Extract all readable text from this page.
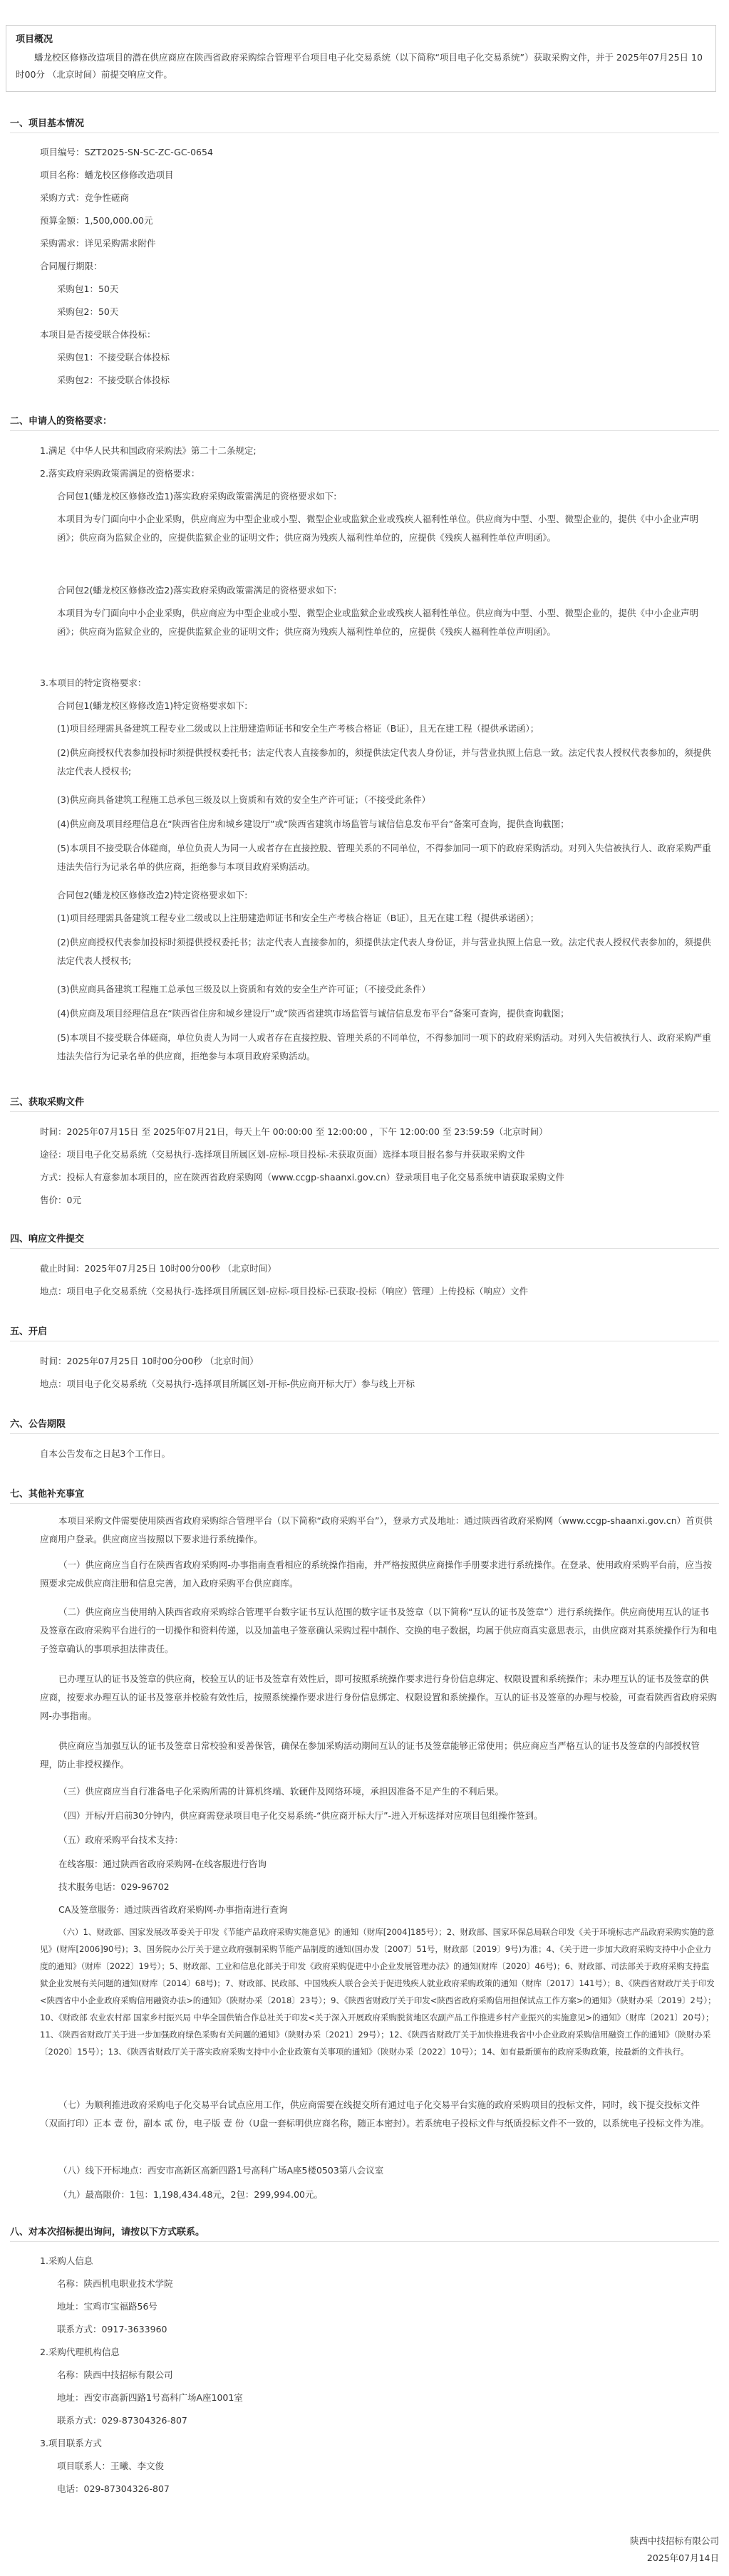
项目概况
蟠龙校区修修改造项目的潜在供应商应在陕西省政府采购综合管理平台项目电子化交易系统（以下简称“项目电子化交易系统”）获取采购文件，并于 2025年07月25日 10时00分 （北京时间）前提交响应文件。
一、项目基本情况
项目编号：SZT2025-SN-SC-ZC-GC-0654
项目名称：蟠龙校区修修改造项目
采购方式：竞争性磋商
预算金额：1,500,000.00元
采购需求：详见采购需求附件
合同履行期限：
采购包1：50天
采购包2：50天
本项目是否接受联合体投标：
采购包1：不接受联合体投标
采购包2：不接受联合体投标
二、申请人的资格要求：
1.满足《中华人民共和国政府采购法》第二十二条规定;
2.落实政府采购政策需满足的资格要求：
合同包1(蟠龙校区修修改造1)落实政府采购政策需满足的资格要求如下:
本项目为专门面向中小企业采购，供应商应为中型企业或小型、微型企业或监狱企业或残疾人福利性单位。供应商为中型、小型、微型企业的，提供《中小企业声明函》；供应商为监狱企业的，应提供监狱企业的证明文件；供应商为残疾人福利性单位的，应提供《残疾人福利性单位声明函》。
合同包2(蟠龙校区修修改造2)落实政府采购政策需满足的资格要求如下:
本项目为专门面向中小企业采购，供应商应为中型企业或小型、微型企业或监狱企业或残疾人福利性单位。供应商为中型、小型、微型企业的，提供《中小企业声明函》；供应商为监狱企业的，应提供监狱企业的证明文件；供应商为残疾人福利性单位的，应提供《残疾人福利性单位声明函》。
3.本项目的特定资格要求：
合同包1(蟠龙校区修修改造1)特定资格要求如下:
(1)项目经理需具备建筑工程专业二级或以上注册建造师证书和安全生产考核合格证（B证），且无在建工程（提供承诺函）；
(2)供应商授权代表参加投标时须提供授权委托书；法定代表人直接参加的，须提供法定代表人身份证，并与营业执照上信息一致。法定代表人授权代表参加的，须提供法定代表人授权书;
(3)供应商具备建筑工程施工总承包三级及以上资质和有效的安全生产许可证；（不接受此条件）
(4)供应商及项目经理信息在“陕西省住房和城乡建设厅”或“陕西省建筑市场监管与诚信信息发布平台”备案可查询，提供查询截图；
(5)本项目不接受联合体磋商，单位负责人为同一人或者存在直接控股、管理关系的不同单位，不得参加同一项下的政府采购活动。对列入失信被执行人、政府采购严重违法失信行为记录名单的供应商，拒绝参与本项目政府采购活动。
合同包2(蟠龙校区修修改造2)特定资格要求如下:
(1)项目经理需具备建筑工程专业二级或以上注册建造师证书和安全生产考核合格证（B证），且无在建工程（提供承诺函）；
(2)供应商授权代表参加投标时须提供授权委托书；法定代表人直接参加的，须提供法定代表人身份证，并与营业执照上信息一致。法定代表人授权代表参加的，须提供法定代表人授权书;
(3)供应商具备建筑工程施工总承包三级及以上资质和有效的安全生产许可证；（不接受此条件）
(4)供应商及项目经理信息在“陕西省住房和城乡建设厅”或“陕西省建筑市场监管与诚信信息发布平台”备案可查询，提供查询截图；
(5)本项目不接受联合体磋商，单位负责人为同一人或者存在直接控股、管理关系的不同单位，不得参加同一项下的政府采购活动。对列入失信被执行人、政府采购严重违法失信行为记录名单的供应商，拒绝参与本项目政府采购活动。
三、获取采购文件
时间：2025年07月15日 至 2025年07月21日，每天上午 00:00:00 至 12:00:00 ，下午 12:00:00 至 23:59:59（北京时间）
途径：项目电子化交易系统（交易执行-选择项目所属区划-应标-项目投标-未获取页面）选择本项目报名参与并获取采购文件
方式：投标人有意参加本项目的，应在陕西省政府采购网（www.ccgp-shaanxi.gov.cn）登录项目电子化交易系统申请获取采购文件
售价：0元
四、响应文件提交
截止时间：2025年07月25日 10时00分00秒 （北京时间）
地点：项目电子化交易系统（交易执行-选择项目所属区划-应标-项目投标-已获取-投标（响应）管理）上传投标（响应）文件
五、开启
时间：2025年07月25日 10时00分00秒 （北京时间）
地点：项目电子化交易系统（交易执行-选择项目所属区划-开标-供应商开标大厅）参与线上开标
六、公告期限
自本公告发布之日起3个工作日。
七、其他补充事宜
本项目采购文件需要使用陕西省政府采购综合管理平台（以下简称“政府采购平台”），登录方式及地址：通过陕西省政府采购网（www.ccgp-shaanxi.gov.cn）首页供应商用户登录。供应商应当按照以下要求进行系统操作。
（一）供应商应当自行在陕西省政府采购网-办事指南查看相应的系统操作指南，并严格按照供应商操作手册要求进行系统操作。在登录、使用政府采购平台前，应当按照要求完成供应商注册和信息完善，加入政府采购平台供应商库。
（二）供应商应当使用纳入陕西省政府采购综合管理平台数字证书互认范围的数字证书及签章（以下简称“互认的证书及签章”）进行系统操作。供应商使用互认的证书及签章在政府采购平台进行的一切操作和资料传递，以及加盖电子签章确认采购过程中制作、交换的电子数据，均属于供应商真实意思表示，由供应商对其系统操作行为和电子签章确认的事项承担法律责任。
已办理互认的证书及签章的供应商，校验互认的证书及签章有效性后，即可按照系统操作要求进行身份信息绑定、权限设置和系统操作；未办理互认的证书及签章的供应商，按要求办理互认的证书及签章并校验有效性后，按照系统操作要求进行身份信息绑定、权限设置和系统操作。互认的证书及签章的办理与校验，可查看陕西省政府采购网-办事指南。
供应商应当加强互认的证书及签章日常校验和妥善保管，确保在参加采购活动期间互认的证书及签章能够正常使用；供应商应当严格互认的证书及签章的内部授权管理，防止非授权操作。
（三）供应商应当自行准备电子化采购所需的计算机终端、软硬件及网络环境，承担因准备不足产生的不利后果。
（四）开标/开启前30分钟内，供应商需登录项目电子化交易系统-“供应商开标大厅”-进入开标选择对应项目包组操作签到。
（五）政府采购平台技术支持：
在线客服：通过陕西省政府采购网-在线客服进行咨询
技术服务电话：029-96702
CA及签章服务：通过陕西省政府采购网-办事指南进行查询
（六）1、财政部、国家发展改革委关于印发《节能产品政府采购实施意见》的通知（财库[2004]185号）；2、财政部、国家环保总局联合印发《关于环境标志产品政府采购实施的意见》(财库[2006]90号)；3、国务院办公厅关于建立政府强制采购节能产品制度的通知(国办发〔2007〕51号，财政部〔2019〕9号)为准；4、《关于进一步加大政府采购支持中小企业力度的通知》（财库〔2022〕19号）；5、财政部、工业和信息化部关于印发《政府采购促进中小企业发展管理办法》的通知(财库〔2020〕46号)；6、财政部、司法部关于政府采购支持监狱企业发展有关问题的通知(财库〔2014〕68号)；7、财政部、民政部、中国残疾人联合会关于促进残疾人就业政府采购政策的通知（财库〔2017〕141号）；8、《陕西省财政厅关于印发<陕西省中小企业政府采购信用融资办法>的通知》（陕财办采〔2018〕23号）；9、《陕西省财政厅关于印发<陕西省政府采购信用担保试点工作方案>的通知》（陕财办采〔2019〕2号）；10、《财政部 农业农村部 国家乡村振兴局 中华全国供销合作总社关于印发<关于深入开展政府采购脱贫地区农副产品工作推进乡村产业振兴的实施意见>的通知》（财库〔2021〕20号）；11、《陕西省财政厅关于进一步加强政府绿色采购有关问题的通知》（陕财办采〔2021〕29号）；12、《陕西省财政厅关于加快推进我省中小企业政府采购信用融资工作的通知》（陕财办采〔2020〕15号）；13、《陕西省财政厅关于落实政府采购支持中小企业政策有关事项的通知》（陕财办采〔2022〕10号）；14、如有最新颁布的政府采购政策，按最新的文件执行。
（七）为顺利推进政府采购电子化交易平台试点应用工作，供应商需要在线提交所有通过电子化交易平台实施的政府采购项目的投标文件，同时，线下提交投标文件（双面打印）正本 壹 份，副本 贰 份，电子版 壹 份（U盘一套标明供应商名称，随正本密封）。若系统电子投标文件与纸质投标文件不一致的，以系统电子投标文件为准。
（八）线下开标地点：西安市高新区高新四路1号高科广场A座5楼0503第八会议室
（九）最高限价：1包：1,198,434.48元，2包：299,994.00元。
八、对本次招标提出询问，请按以下方式联系。
1.采购人信息
名称：陕西机电职业技术学院
地址：宝鸡市宝福路56号
联系方式：0917-3633960
2.采购代理机构信息
名称：陕西中技招标有限公司
地址：西安市高新四路1号高科广场A座1001室
联系方式：029-87304326-807
3.项目联系方式
项目联系人：王曦、李文俊
电话：029-87304326-807
陕西中技招标有限公司
2025年07月14日
